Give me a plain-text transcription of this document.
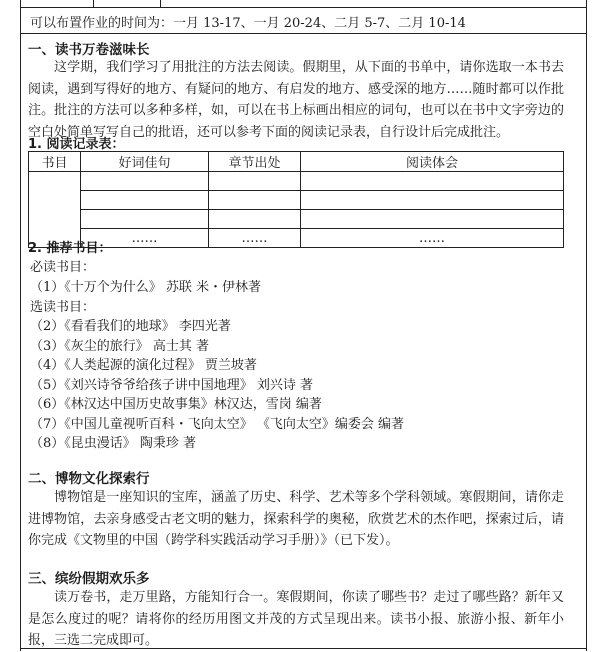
可以布置作业的时间为：一月 13-17、一月 20-24、二月 5-7、二月 10-14
一、读书万卷滋味长
这学期，我们学习了用批注的方法去阅读。假期里，从下面的书单中，请你选取一本书去阅读，遇到写得好的地方、有疑问的地方、有启发的地方、感受深的地方……随时都可以作批注。批注的方法可以多种多样，如，可以在书上标画出相应的词句，也可以在书中文字旁边的空白处简单写写自己的批语，还可以参考下面的阅读记录表，自行设计后完成批注。
1. 阅读记录表：
书目	好词佳句	章节出处	阅读体会

	……	……	……
2. 推荐书目：
必读书目：
（1）《十万个为什么》 苏联 米・伊林著
选读书目：
（2）《看看我们的地球》 李四光著
（3）《灰尘的旅行》 高士其 著
（4）《人类起源的演化过程》 贾兰坡著
（5）《刘兴诗爷爷给孩子讲中国地理》 刘兴诗 著
（6）《林汉达中国历史故事集》林汉达，雪岗 编著
（7）《中国儿童视听百科・飞向太空》 《飞向太空》编委会 编著
（8）《昆虫漫话》 陶秉珍 著
二、博物文化探索行
博物馆是一座知识的宝库，涵盖了历史、科学、艺术等多个学科领域。寒假期间，请你走进博物馆，去亲身感受古老文明的魅力，探索科学的奥秘，欣赏艺术的杰作吧，探索过后，请你完成《文物里的中国（跨学科实践活动学习手册）》（已下发）。
三、缤纷假期欢乐多
读万卷书，走万里路，方能知行合一。寒假期间，你读了哪些书？走过了哪些路？新年又是怎么度过的呢？请将你的经历用图文并茂的方式呈现出来。读书小报、旅游小报、新年小报，三选二完成即可。
